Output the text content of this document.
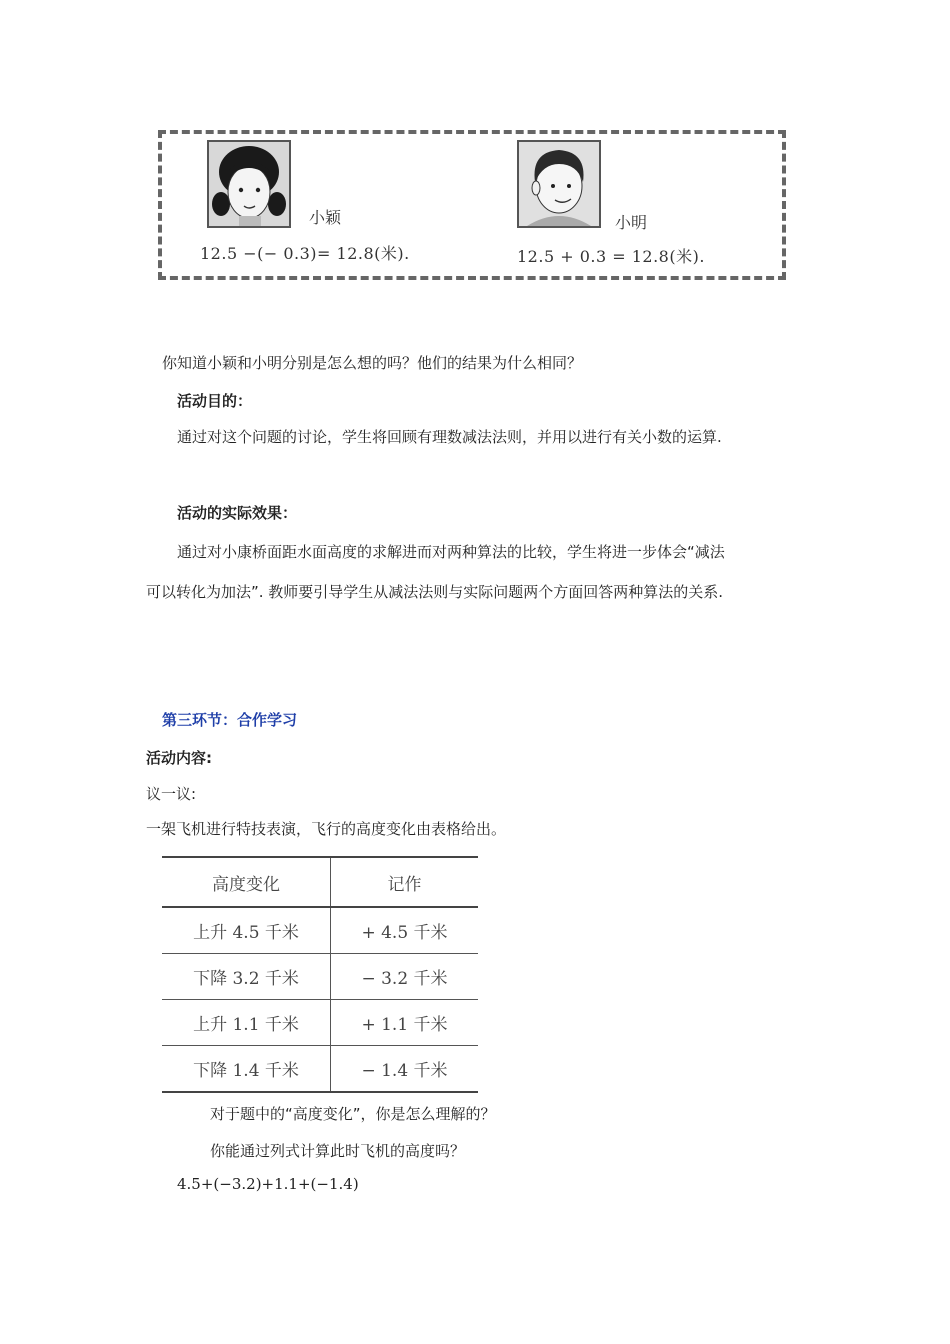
小颖
12.5 −(− 0.3)= 12.8(米).
小明
12.5 + 0.3 = 12.8(米).
你知道小颖和小明分别是怎么想的吗？他们的结果为什么相同？
活动目的：
通过对这个问题的讨论，学生将回顾有理数减法法则，并用以进行有关小数的运算.
活动的实际效果：
通过对小康桥面距水面高度的求解进而对两种算法的比较，学生将进一步体会“减法
可以转化为加法”. 教师要引导学生从减法法则与实际问题两个方面回答两种算法的关系.
第三环节：合作学习
活动内容:
议一议:
一架飞机进行特技表演，飞行的高度变化由表格给出。
高度变化	记作
上升 4.5 千米	+ 4.5 千米
下降 3.2 千米	− 3.2 千米
上升 1.1 千米	+ 1.1 千米
下降 1.4 千米	− 1.4 千米
对于题中的“高度变化”，你是怎么理解的？
你能通过列式计算此时飞机的高度吗？
4.5+(−3.2)+1.1+(−1.4)
